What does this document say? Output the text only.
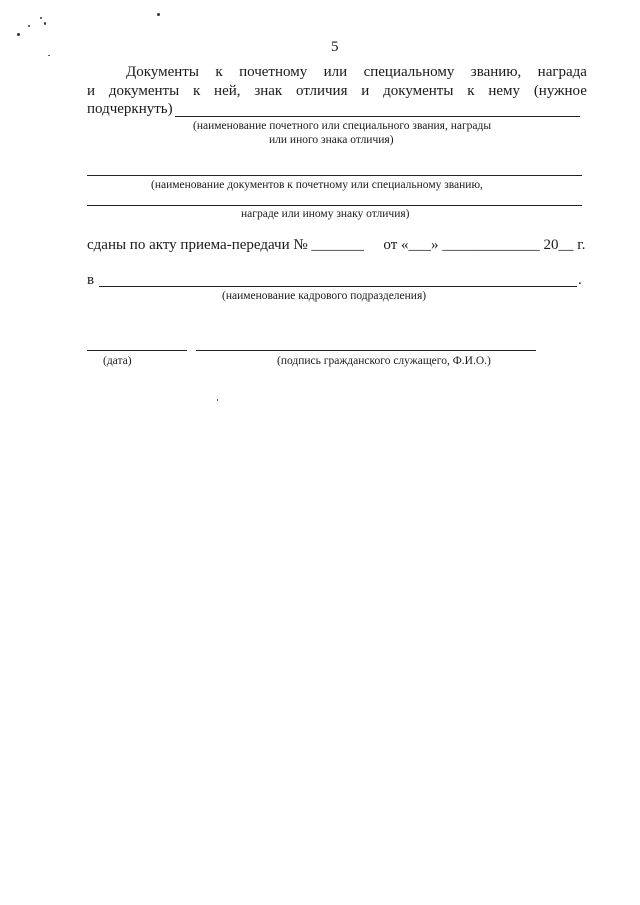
5
Документы к почетному или специальному званию, награда
и документы к ней, знак отличия и документы к нему (нужное
подчеркнуть)
(наименование почетного или специального звания, награды
или иного знака отличия)
(наименование документов к почетному или специальному званию,
награде или иному знаку отличия)
сданы по акту приема-передачи № _______ от «___» _____________ 20__ г.
в	.
(наименование кадрового подразделения)
(дата)	(подпись гражданского служащего, Ф.И.О.)
